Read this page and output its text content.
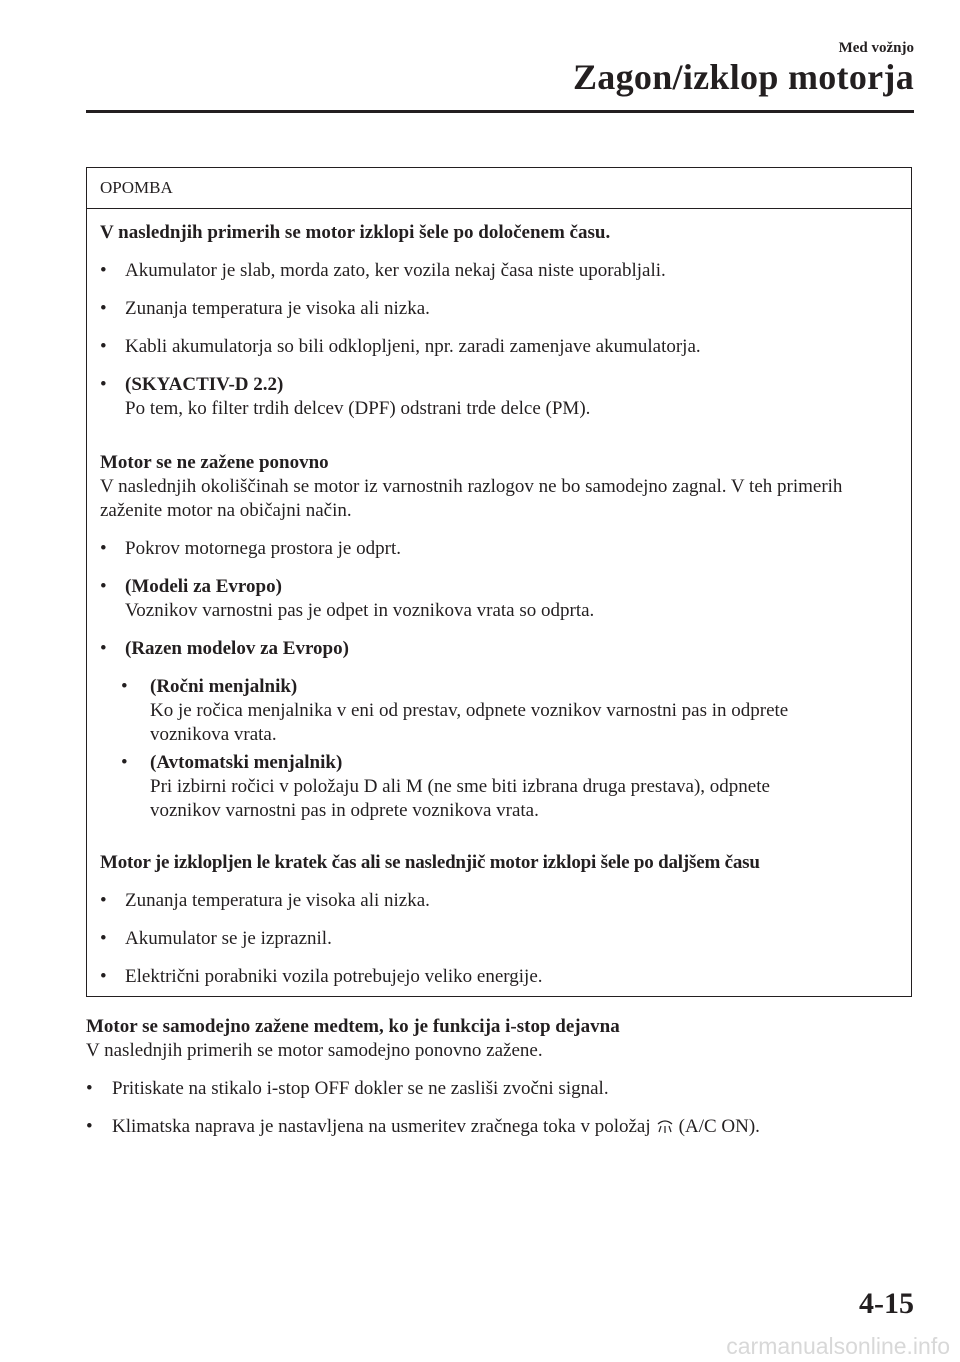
Med vožnjo
Zagon/izklop motorja
OPOMBA
V naslednjih primerih se motor izklopi šele po določenem času.
• Akumulator je slab, morda zato, ker vozila nekaj časa niste uporabljali.
• Zunanja temperatura je visoka ali nizka.
• Kabli akumulatorja so bili odklopljeni, npr. zaradi zamenjave akumulatorja.
• (SKYACTIV-D 2.2)
Po tem, ko filter trdih delcev (DPF) odstrani trde delce (PM).
Motor se ne zažene ponovno
V naslednjih okoliščinah se motor iz varnostnih razlogov ne bo samodejno zagnal. V teh primerih zaženite motor na običajni način.
• Pokrov motornega prostora je odprt.
• (Modeli za Evropo)
Voznikov varnostni pas je odpet in voznikova vrata so odprta.
• (Razen modelov za Evropo)
• (Ročni menjalnik)
Ko je ročica menjalnika v eni od prestav, odpnete voznikov varnostni pas in odprete voznikova vrata.
• (Avtomatski menjalnik)
Pri izbirni ročici v položaju D ali M (ne sme biti izbrana druga prestava), odpnete voznikov varnostni pas in odprete voznikova vrata.
Motor je izklopljen le kratek čas ali se naslednjič motor izklopi šele po daljšem času
• Zunanja temperatura je visoka ali nizka.
• Akumulator se je izpraznil.
• Električni porabniki vozila potrebujejo veliko energije.
Motor se samodejno zažene medtem, ko je funkcija i-stop dejavna
V naslednjih primerih se motor samodejno ponovno zažene.
• Pritiskate na stikalo i-stop OFF dokler se ne zasliši zvočni signal.
• Klimatska naprava je nastavljena na usmeritev zračnega toka v položaj (A/C ON).
4-15
carmanualsonline.info
